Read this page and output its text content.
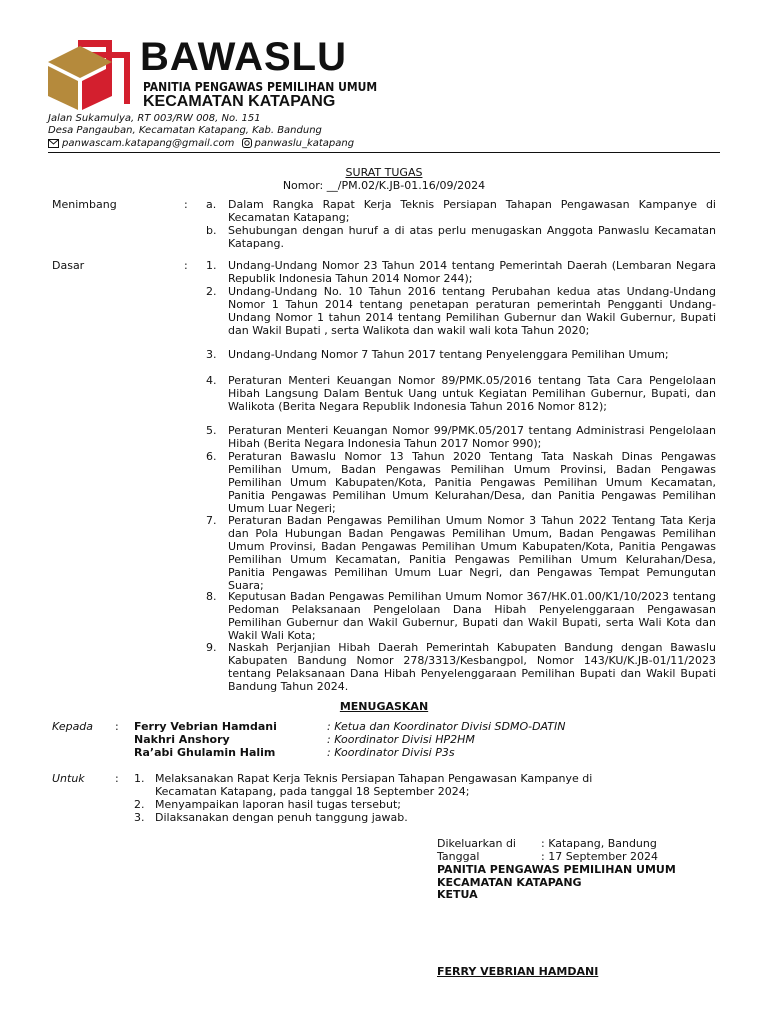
BAWASLU
PANITIA PENGAWAS PEMILIHAN UMUM
KECAMATAN KATAPANG
Jalan Sukamulya, RT 003/RW 008, No. 151
Desa Pangauban, Kecamatan Katapang, Kab. Bandung
panwascam.katapang@gmail.com panwaslu_katapang
SURAT TUGAS
Nomor: __/PM.02/K.JB-01.16/09/2024
Menimbang	: a. Dalam Rangka Rapat Kerja Teknis Persiapan Tahapan Pengawasan Kampanye di Kecamatan Katapang;
b. Sehubungan dengan huruf a di atas perlu menugaskan Anggota Panwaslu Kecamatan Katapang.
Dasar	: 1. Undang-Undang Nomor 23 Tahun 2014 tentang Pemerintah Daerah (Lembaran Negara Republik Indonesia Tahun 2014 Nomor 244);
2. Undang-Undang No. 10 Tahun 2016 tentang Perubahan kedua atas Undang-Undang Nomor 1 Tahun 2014 tentang penetapan peraturan pemerintah Pengganti Undang-Undang Nomor 1 tahun 2014 tentang Pemilihan Gubernur dan Wakil Gubernur, Bupati dan Wakil Bupati , serta Walikota dan wakil wali kota Tahun 2020;
3. Undang-Undang Nomor 7 Tahun 2017 tentang Penyelenggara Pemilihan Umum;
4. Peraturan Menteri Keuangan Nomor 89/PMK.05/2016 tentang Tata Cara Pengelolaan Hibah Langsung Dalam Bentuk Uang untuk Kegiatan Pemilihan Gubernur, Bupati, dan Walikota (Berita Negara Republik Indonesia Tahun 2016 Nomor 812);
5. Peraturan Menteri Keuangan Nomor 99/PMK.05/2017 tentang Administrasi Pengelolaan Hibah (Berita Negara Indonesia Tahun 2017 Nomor 990);
6. Peraturan Bawaslu Nomor 13 Tahun 2020 Tentang Tata Naskah Dinas Pengawas Pemilihan Umum, Badan Pengawas Pemilihan Umum Provinsi, Badan Pengawas Pemilihan Umum Kabupaten/Kota, Panitia Pengawas Pemilihan Umum Kecamatan, Panitia Pengawas Pemilihan Umum Kelurahan/Desa, dan Panitia Pengawas Pemilihan Umum Luar Negeri;
7. Peraturan Badan Pengawas Pemilihan Umum Nomor 3 Tahun 2022 Tentang Tata Kerja dan Pola Hubungan Badan Pengawas Pemilihan Umum, Badan Pengawas Pemilihan Umum Provinsi, Badan Pengawas Pemilihan Umum Kabupaten/Kota, Panitia Pengawas Pemilihan Umum Kecamatan, Panitia Pengawas Pemilihan Umum Kelurahan/Desa, Panitia Pengawas Pemilihan Umum Luar Negri, dan Pengawas Tempat Pemungutan Suara;
8. Keputusan Badan Pengawas Pemilihan Umum Nomor 367/HK.01.00/K1/10/2023 tentang Pedoman Pelaksanaan Pengelolaan Dana Hibah Penyelenggaraan Pengawasan Pemilihan Gubernur dan Wakil Gubernur, Bupati dan Wakil Bupati, serta Wali Kota dan Wakil Wali Kota;
9. Naskah Perjanjian Hibah Daerah Pemerintah Kabupaten Bandung dengan Bawaslu Kabupaten Bandung Nomor 278/3313/Kesbangpol, Nomor 143/KU/K.JB-01/11/2023 tentang Pelaksanaan Dana Hibah Penyelenggaraan Pemilihan Bupati dan Wakil Bupati Bandung Tahun 2024.
MENUGASKAN
Kepada : Ferry Vebrian Hamdani	: Ketua dan Koordinator Divisi SDMO-DATIN
Nakhri Anshory	: Koordinator Divisi HP2HM
Ra’abi Ghulamin Halim	: Koordinator Divisi P3s
Untuk	: 1. Melaksanakan Rapat Kerja Teknis Persiapan Tahapan Pengawasan Kampanye di
Kecamatan Katapang, pada tanggal 18 September 2024;
2. Menyampaikan laporan hasil tugas tersebut;
3. Dilaksanakan dengan penuh tanggung jawab.
Dikeluarkan di : Katapang, Bandung
Tanggal	: 17 September 2024
PANITIA PENGAWAS PEMILIHAN UMUM
KECAMATAN KATAPANG
KETUA
FERRY VEBRIAN HAMDANI
